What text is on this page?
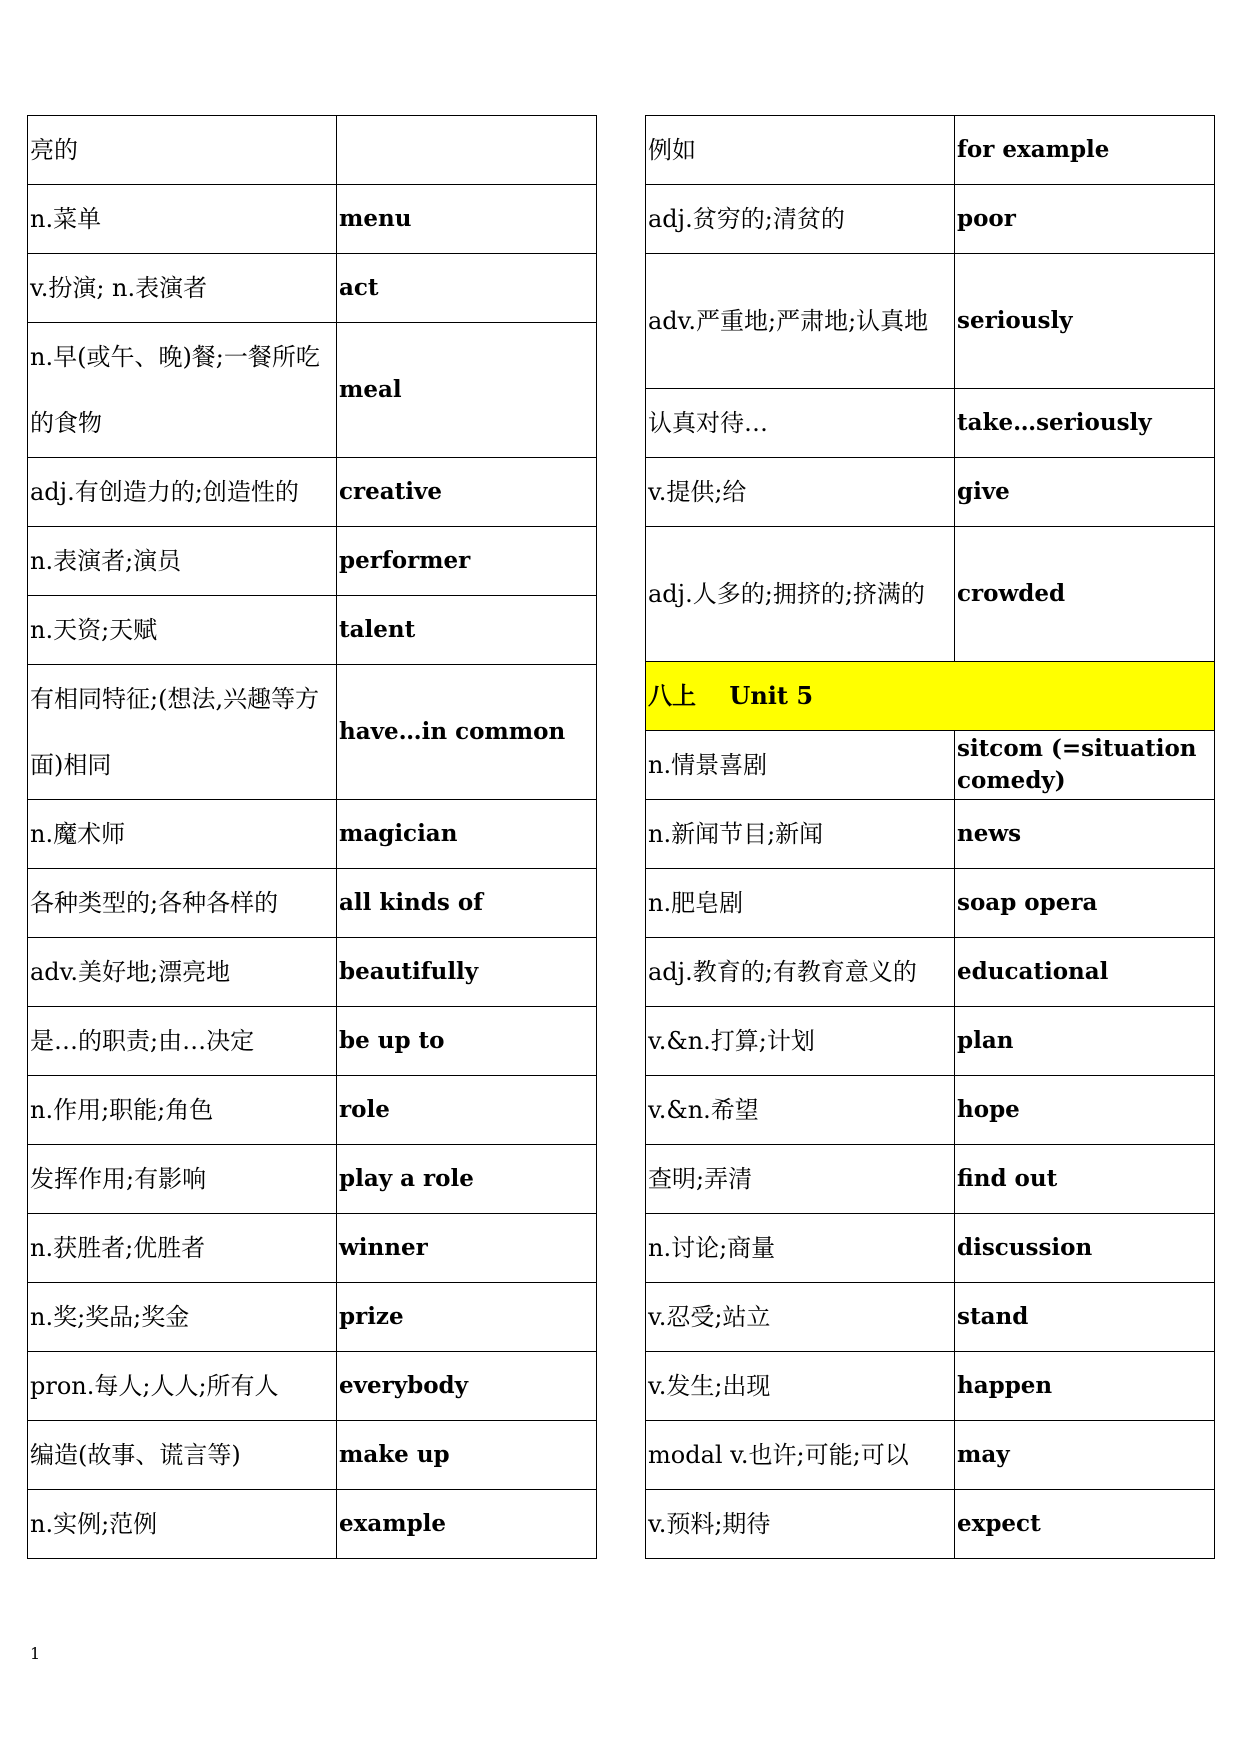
亮的	
n.菜单	menu
v.扮演; n.表演者	act
n.早(或午、晚)餐;一餐所吃的食物	meal
adj.有创造力的;创造性的	creative
n.表演者;演员	performer
n.天资;天赋	talent
有相同特征;(想法,兴趣等方面)相同	have…in common
n.魔术师	magician
各种类型的;各种各样的	all kinds of
adv.美好地;漂亮地	beautifully
是…的职责;由…决定	be up to
n.作用;职能;角色	role
发挥作用;有影响	play a role
n.获胜者;优胜者	winner
n.奖;奖品;奖金	prize
pron.每人;人人;所有人	everybody
编造(故事、谎言等)	make up
n.实例;范例	example
例如	for example
adj.贫穷的;清贫的	poor
adv.严重地;严肃地;认真地	seriously
认真对待…	take…seriously
v.提供;给	give
adj.人多的;拥挤的;挤满的	crowded
八上    Unit 5	
n.情景喜剧	sitcom (=situation comedy)
n.新闻节目;新闻	news
n.肥皂剧	soap opera
adj.教育的;有教育意义的	educational
v.&n.打算;计划	plan
v.&n.希望	hope
查明;弄清	find out
n.讨论;商量	discussion
v.忍受;站立	stand
v.发生;出现	happen
modal v.也许;可能;可以	may
v.预料;期待	expect
1
